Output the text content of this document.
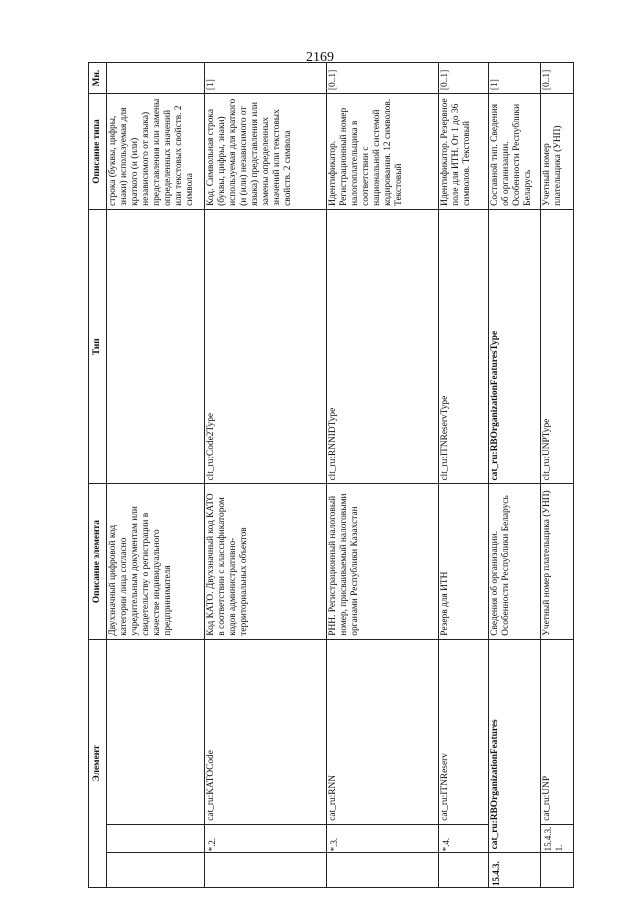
2169
Элемент			Описание элемента	Тип	Описание типа	Мн.
			Двухзначный цифровой код категории лица согласно учредительным документам или свидетельству о регистрации в качестве индивидуального предпринимателя		строка (буквы, цифры, знаки) используемая для краткого (и (или) независимого от языка) представления или замены определенных значений или текстовых свойств. 2 символа	
	*.2.	cat_ru:KATOCode	Код КАТО. Двухзначный код КАТО в соответствии с классификатором кодов административно-территориальных объектов	clt_ru:Code2Type	Код. Символьная строка (буквы, цифры, знаки) используемая для краткого (и (или) независимого от языка) представления или замены определенных значений или текстовых свойств. 2 символа	[1]
	*.3.	cat_ru:RNN	РНН. Регистрационный налоговый номер, присваиваемый налоговыми органами Республики Казахстан	clt_ru:RNNIDType	Идентификатор. Регистрационный номер налогоплательщика в соответствии с национальной системой кодирования. 12 символов. Текстовый	[0..1]
	*.4.	cat_ru:ITNReserv	Резерв для ИТН	clt_ru:ITNReservType	Идентификатор. Резервное поле для ИТН. От 1 до 36 символов. Текстовый	[0..1]
15.4.3.	cat_ru:RBOrganizationFeatures		Сведения об организации. Особенности Республики Беларусь	cat_ru:RBOrganizationFeaturesType	Составной тип. Сведения об организации. Особенности Республики Беларусь	[1]
	15.4.3.1.	cat_ru:UNP	Учетный номер плательщика (УНП)	clt_ru:UNPType	Учетный номер плательщика (УНП)	[0..1]
